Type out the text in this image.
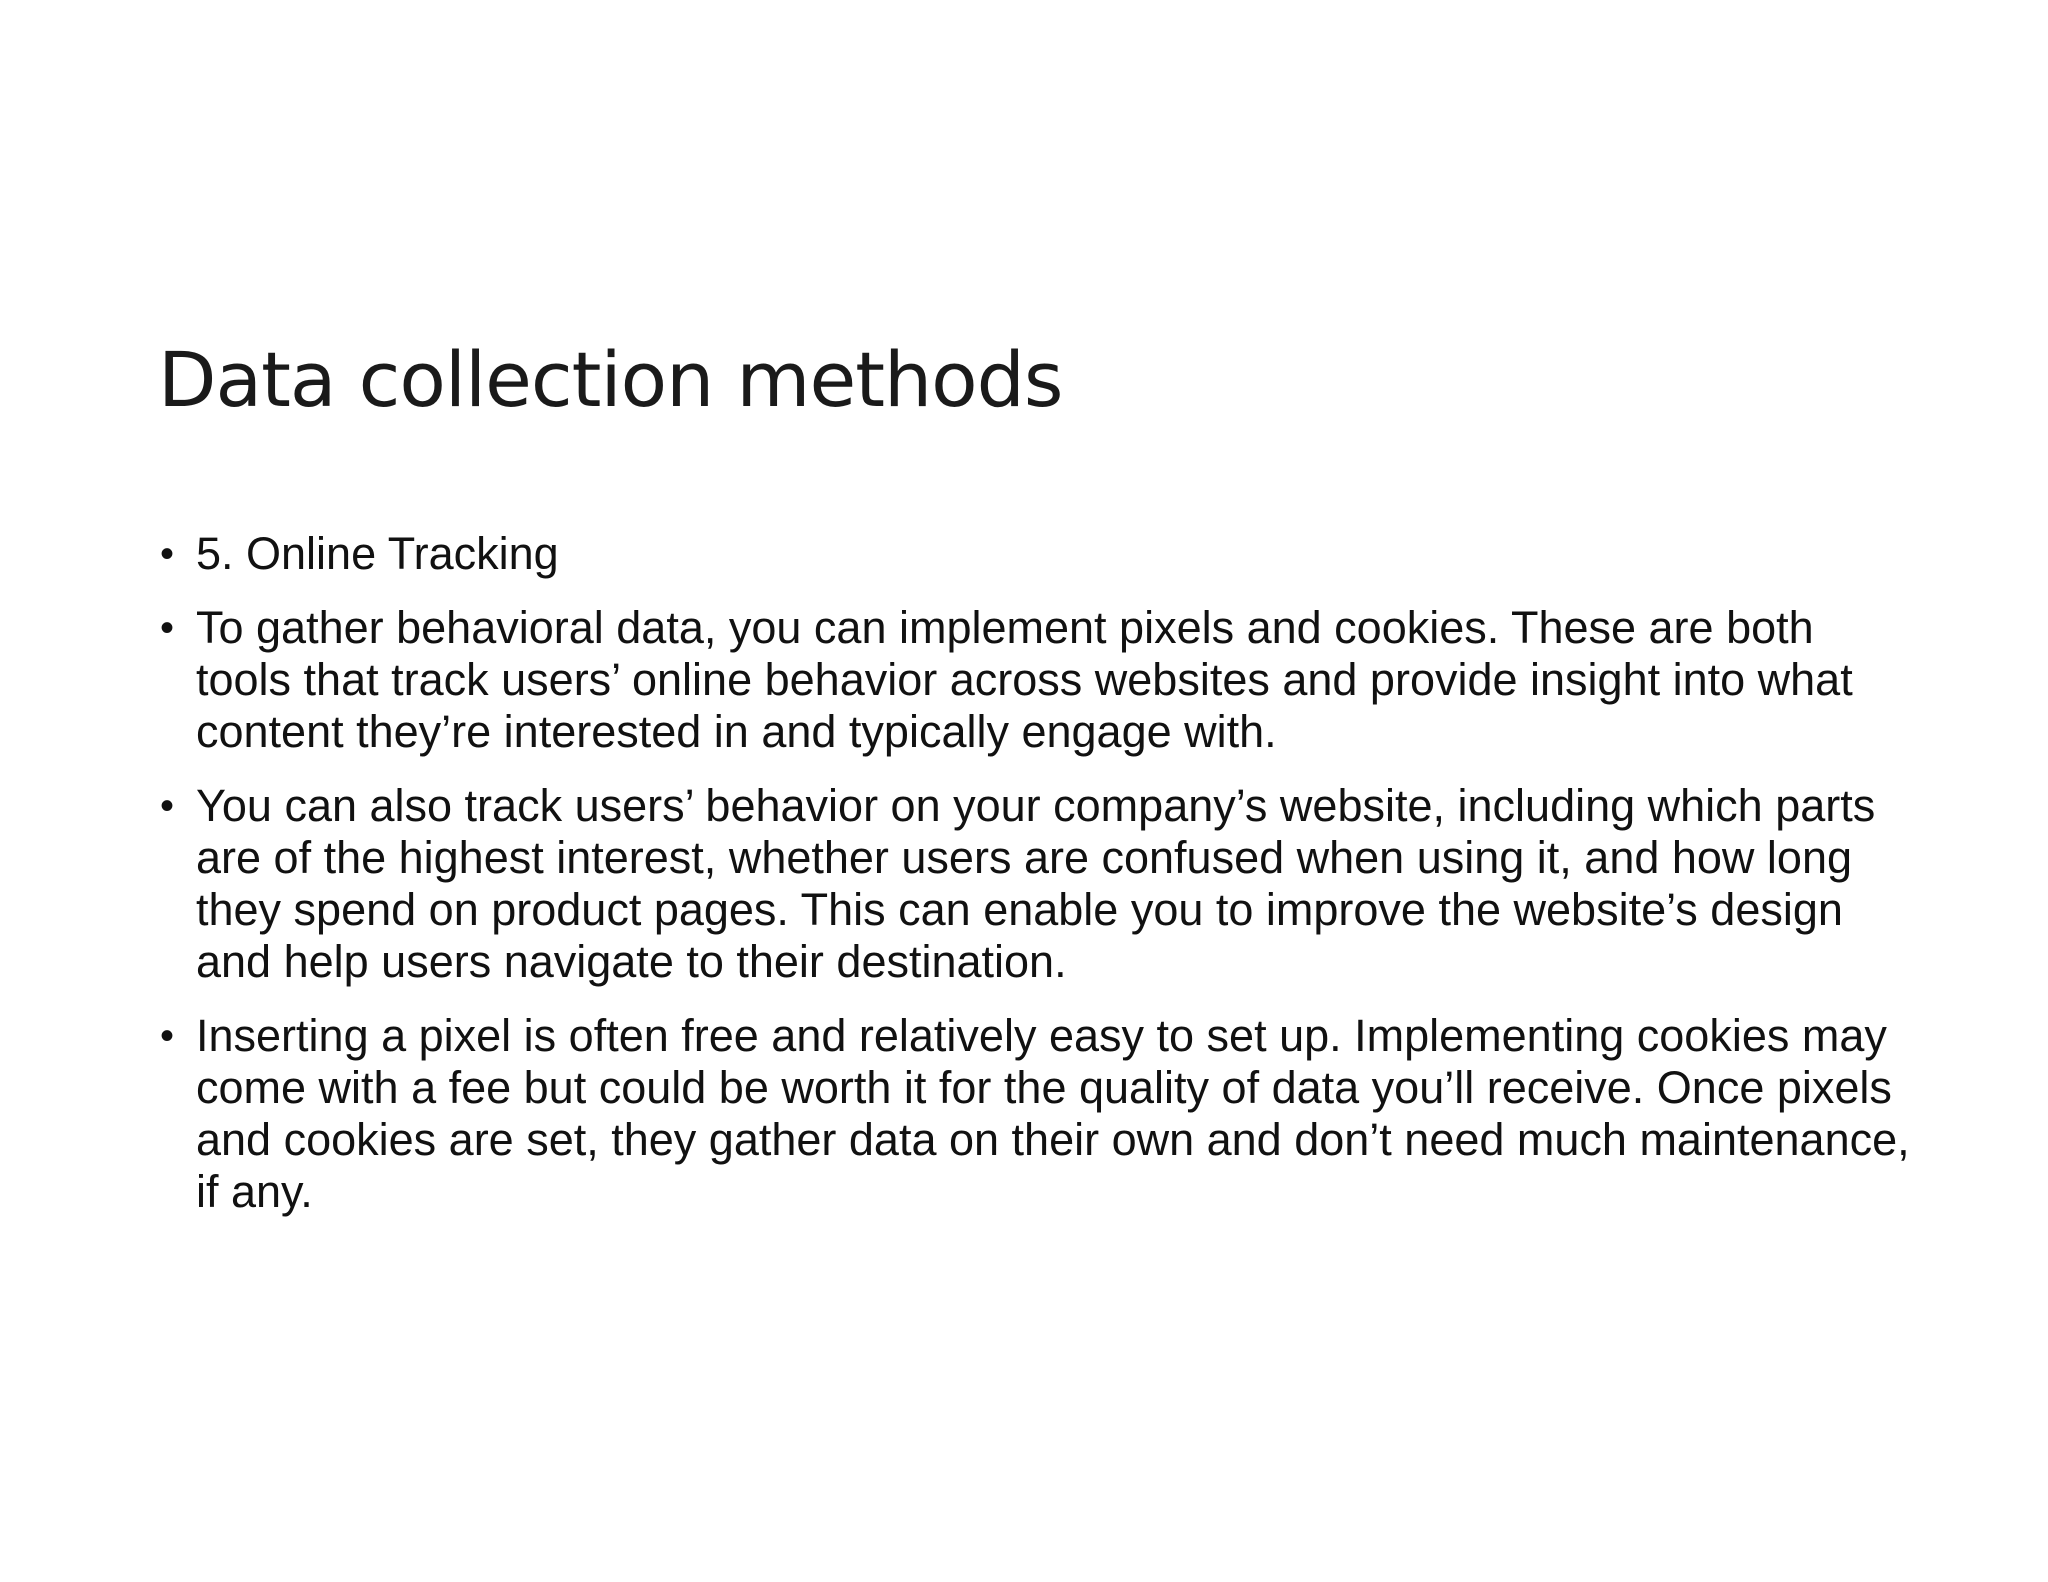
Data collection methods
• 5. Online Tracking
• To gather behavioral data, you can implement pixels and cookies. These are both tools that track users’ online behavior across websites and provide insight into what content they’re interested in and typically engage with.
• You can also track users’ behavior on your company’s website, including which parts are of the highest interest, whether users are confused when using it, and how long they spend on product pages. This can enable you to improve the website’s design and help users navigate to their destination.
• Inserting a pixel is often free and relatively easy to set up. Implementing cookies may come with a fee but could be worth it for the quality of data you’ll receive. Once pixels and cookies are set, they gather data on their own and don’t need much maintenance, if any.
